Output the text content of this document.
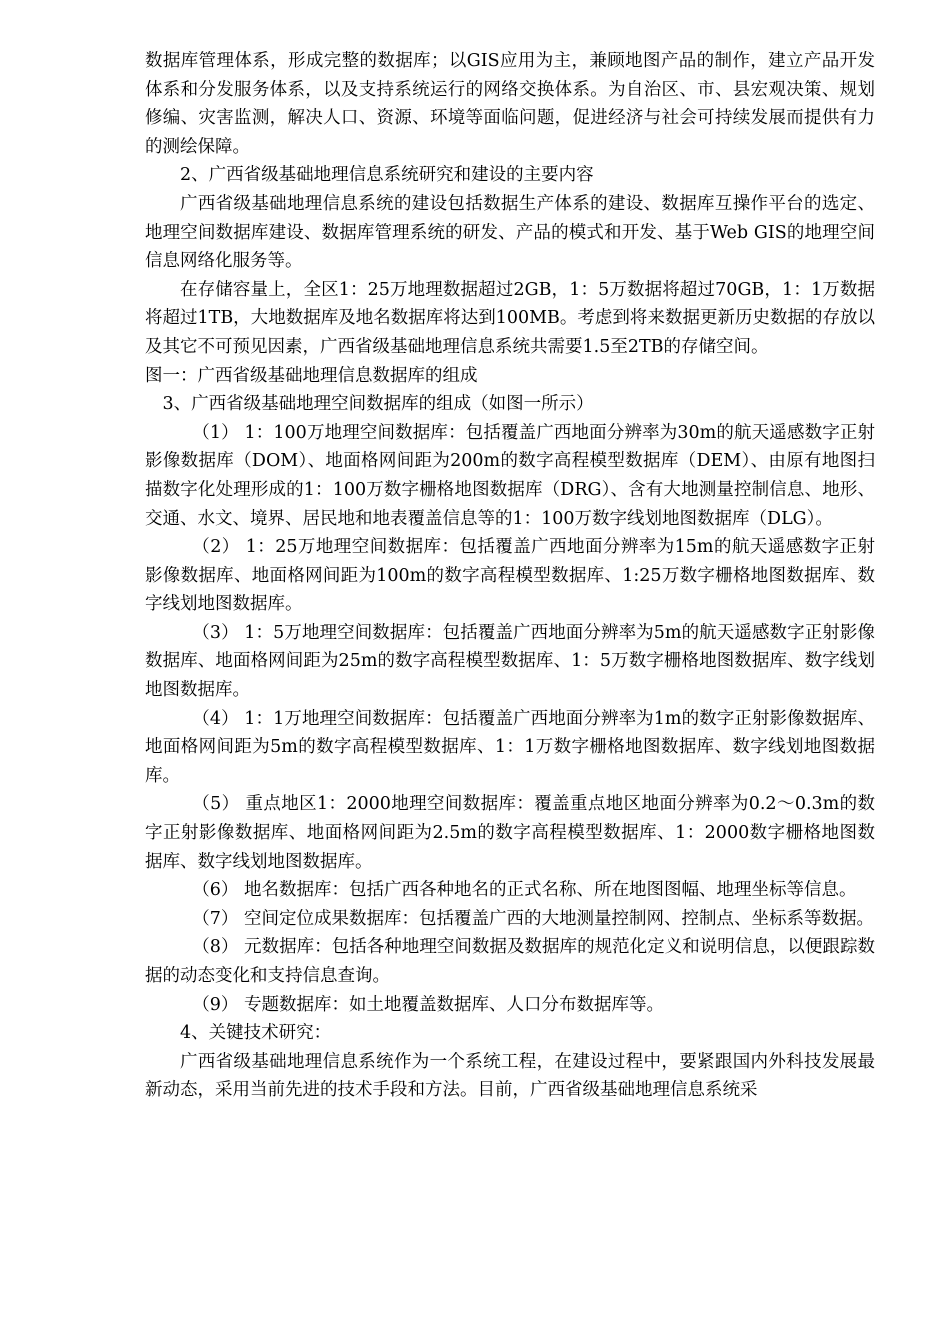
数据库管理体系，形成完整的数据库；以GIS应用为主，兼顾地图产品的制作，建立产品开发体系和分发服务体系，以及支持系统运行的网络交换体系。为自治区、市、县宏观决策、规划修编、灾害监测，解决人口、资源、环境等面临问题，促进经济与社会可持续发展而提供有力的测绘保障。

2、广西省级基础地理信息系统研究和建设的主要内容

广西省级基础地理信息系统的建设包括数据生产体系的建设、数据库互操作平台的选定、地理空间数据库建设、数据库管理系统的研发、产品的模式和开发、基于Web GIS的地理空间信息网络化服务等。

在存储容量上，全区1：25万地理数据超过2GB，1：5万数据将超过70GB，1：1万数据将超过1TB，大地数据库及地名数据库将达到100MB。考虑到将来数据更新历史数据的存放以及其它不可预见因素，广西省级基础地理信息系统共需要1.5至2TB的存储空间。

图一：广西省级基础地理信息数据库的组成

3、广西省级基础地理空间数据库的组成（如图一所示）

（1） 1：100万地理空间数据库：包括覆盖广西地面分辨率为30m的航天遥感数字正射影像数据库（DOM）、地面格网间距为200m的数字高程模型数据库（DEM）、由原有地图扫描数字化处理形成的1：100万数字栅格地图数据库（DRG）、含有大地测量控制信息、地形、交通、水文、境界、居民地和地表覆盖信息等的1：100万数字线划地图数据库（DLG）。

（2） 1：25万地理空间数据库：包括覆盖广西地面分辨率为15m的航天遥感数字正射影像数据库、地面格网间距为100m的数字高程模型数据库、1:25万数字栅格地图数据库、数字线划地图数据库。

（3） 1：5万地理空间数据库：包括覆盖广西地面分辨率为5m的航天遥感数字正射影像数据库、地面格网间距为25m的数字高程模型数据库、1：5万数字栅格地图数据库、数字线划地图数据库。

（4） 1：1万地理空间数据库：包括覆盖广西地面分辨率为1m的数字正射影像数据库、地面格网间距为5m的数字高程模型数据库、1：1万数字栅格地图数据库、数字线划地图数据库。

（5） 重点地区1：2000地理空间数据库：覆盖重点地区地面分辨率为0.2～0.3m的数字正射影像数据库、地面格网间距为2.5m的数字高程模型数据库、1：2000数字栅格地图数据库、数字线划地图数据库。

（6） 地名数据库：包括广西各种地名的正式名称、所在地图图幅、地理坐标等信息。

（7） 空间定位成果数据库：包括覆盖广西的大地测量控制网、控制点、坐标系等数据。

（8） 元数据库：包括各种地理空间数据及数据库的规范化定义和说明信息，以便跟踪数据的动态变化和支持信息查询。

（9） 专题数据库：如土地覆盖数据库、人口分布数据库等。

4、关键技术研究：

广西省级基础地理信息系统作为一个系统工程，在建设过程中，要紧跟国内外科技发展最新动态，采用当前先进的技术手段和方法。目前，广西省级基础地理信息系统采
